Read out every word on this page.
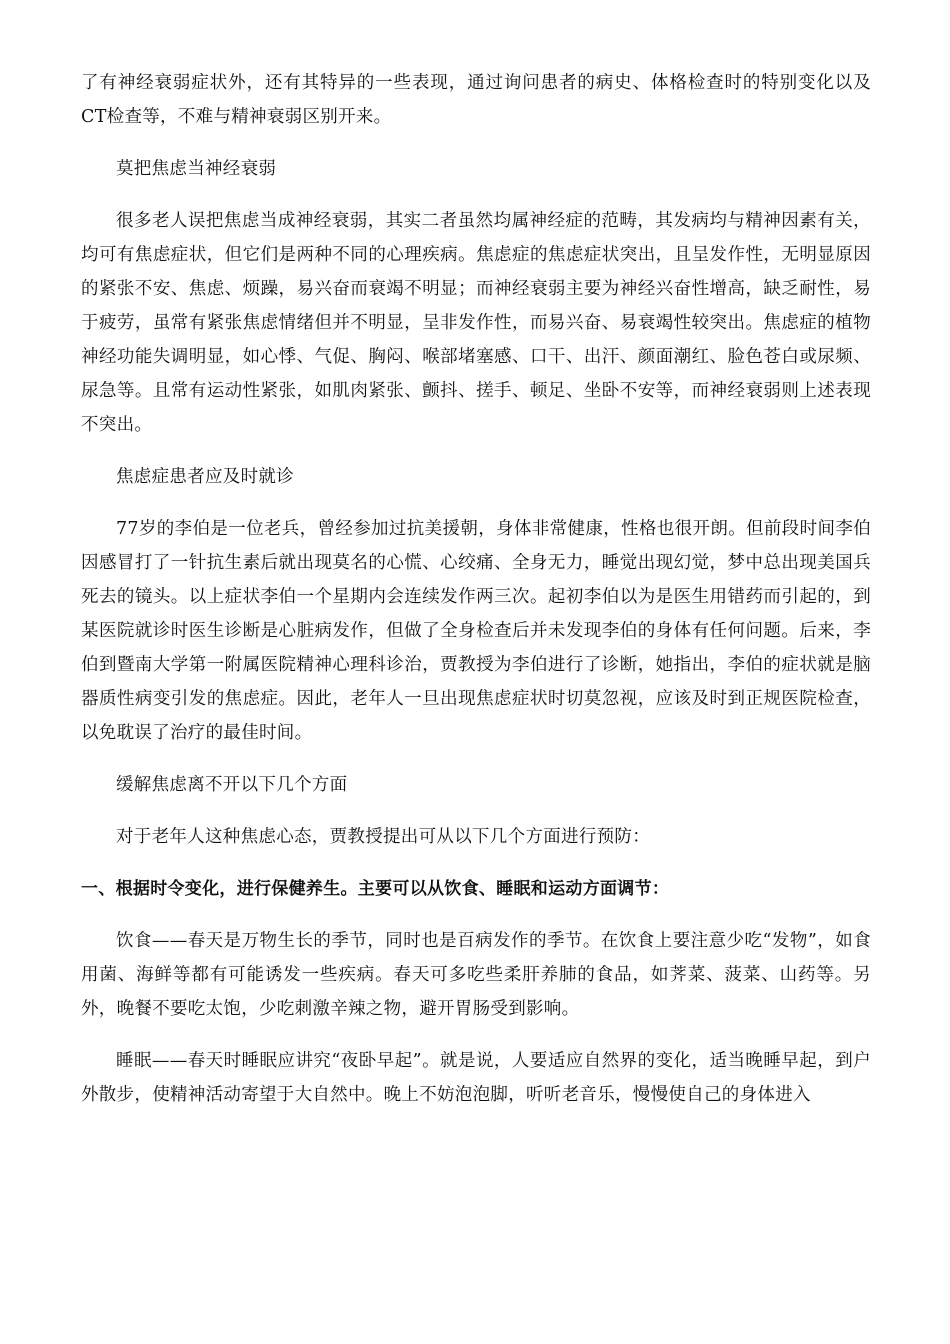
了有神经衰弱症状外，还有其特异的一些表现，通过询问患者的病史、体格检查时的特别变化以及CT检查等，不难与精神衰弱区别开来。

莫把焦虑当神经衰弱

很多老人误把焦虑当成神经衰弱，其实二者虽然均属神经症的范畴，其发病均与精神因素有关，均可有焦虑症状，但它们是两种不同的心理疾病。焦虑症的焦虑症状突出，且呈发作性，无明显原因的紧张不安、焦虑、烦躁，易兴奋而衰竭不明显；而神经衰弱主要为神经兴奋性增高，缺乏耐性，易于疲劳，虽常有紧张焦虑情绪但并不明显，呈非发作性，而易兴奋、易衰竭性较突出。焦虑症的植物神经功能失调明显，如心悸、气促、胸闷、喉部堵塞感、口干、出汗、颜面潮红、脸色苍白或尿频、尿急等。且常有运动性紧张，如肌肉紧张、颤抖、搓手、顿足、坐卧不安等，而神经衰弱则上述表现不突出。

焦虑症患者应及时就诊

77岁的李伯是一位老兵，曾经参加过抗美援朝，身体非常健康，性格也很开朗。但前段时间李伯因感冒打了一针抗生素后就出现莫名的心慌、心绞痛、全身无力，睡觉出现幻觉，梦中总出现美国兵死去的镜头。以上症状李伯一个星期内会连续发作两三次。起初李伯以为是医生用错药而引起的，到某医院就诊时医生诊断是心脏病发作，但做了全身检查后并未发现李伯的身体有任何问题。后来，李伯到暨南大学第一附属医院精神心理科诊治，贾教授为李伯进行了诊断，她指出，李伯的症状就是脑器质性病变引发的焦虑症。因此，老年人一旦出现焦虑症状时切莫忽视，应该及时到正规医院检查，以免耽误了治疗的最佳时间。

缓解焦虑离不开以下几个方面

对于老年人这种焦虑心态，贾教授提出可从以下几个方面进行预防：

一、根据时令变化，进行保健养生。主要可以从饮食、睡眠和运动方面调节：

饮食——春天是万物生长的季节，同时也是百病发作的季节。在饮食上要注意少吃“发物”，如食用菌、海鲜等都有可能诱发一些疾病。春天可多吃些柔肝养肺的食品，如荠菜、菠菜、山药等。另外，晚餐不要吃太饱，少吃刺激辛辣之物，避开胃肠受到影响。

睡眠——春天时睡眠应讲究“夜卧早起”。就是说，人要适应自然界的变化，适当晚睡早起，到户外散步，使精神活动寄望于大自然中。晚上不妨泡泡脚，听听老音乐，慢慢使自己的身体进入
